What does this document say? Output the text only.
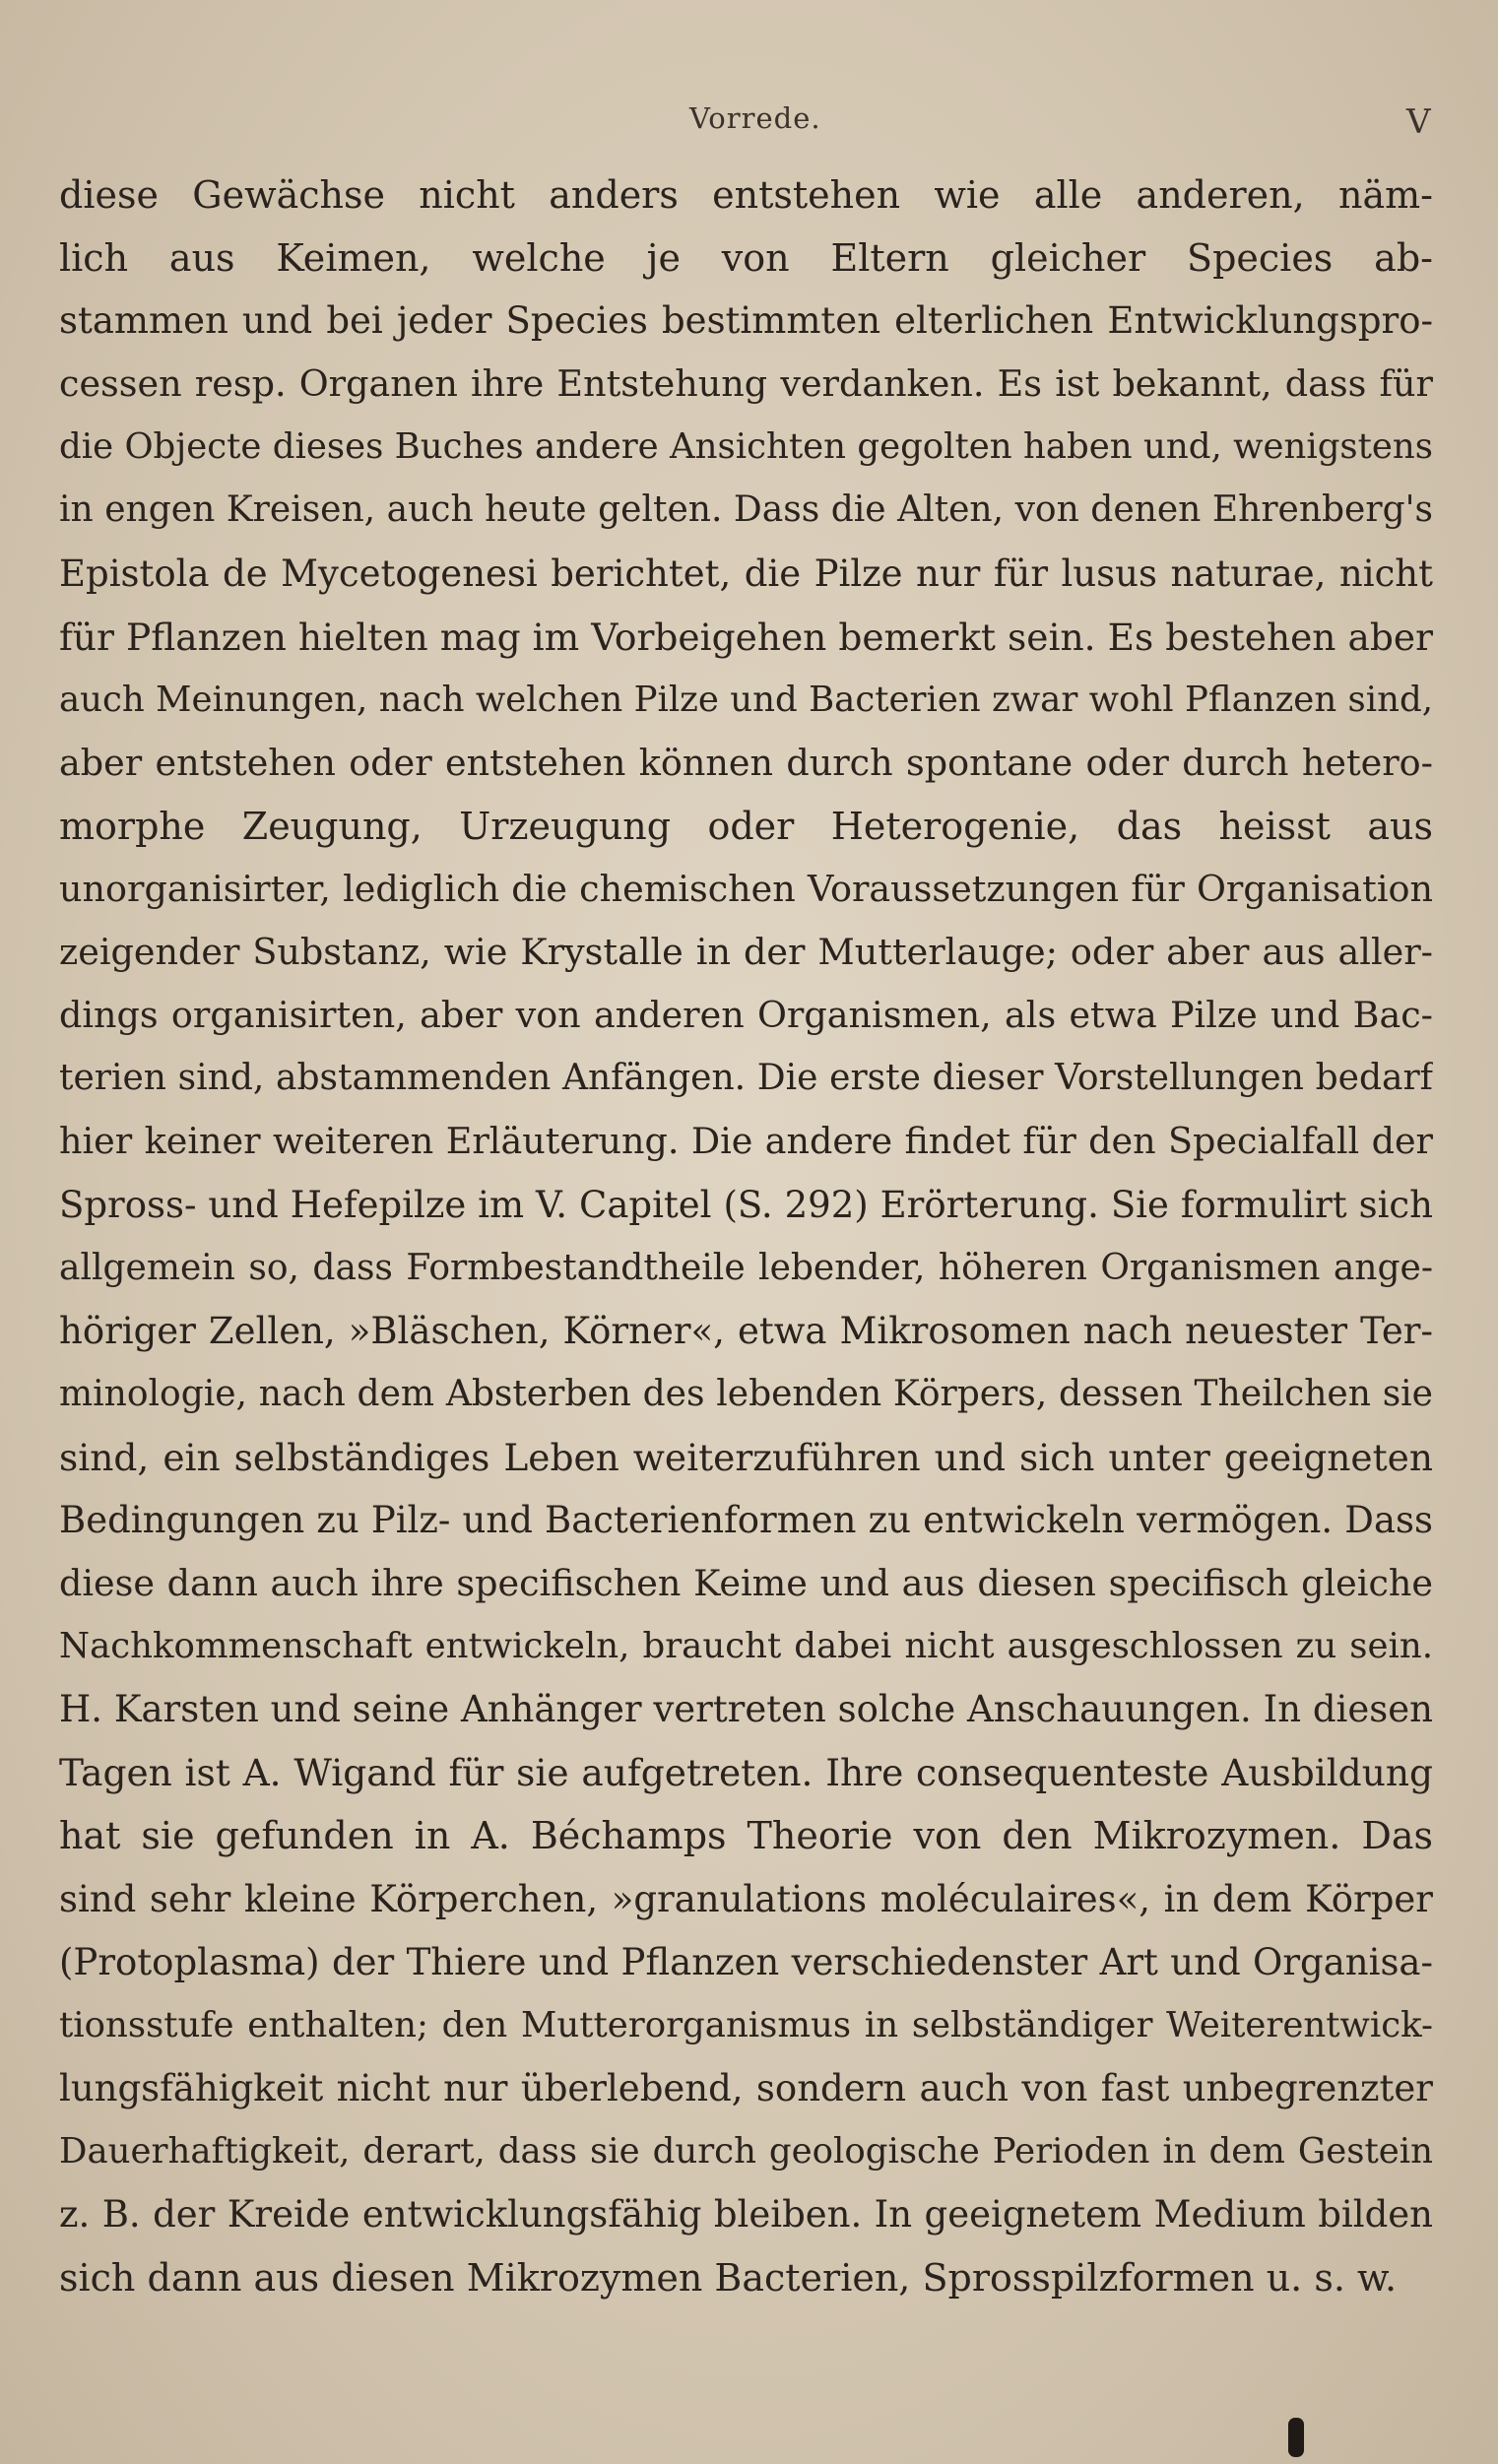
Vorrede.	V
diese Gewächse nicht anders entstehen wie alle anderen, näm-
lich aus Keimen, welche je von Eltern gleicher Species ab-
stammen und bei jeder Species bestimmten elterlichen Entwicklungspro-
cessen resp. Organen ihre Entstehung verdanken. Es ist bekannt, dass für
die Objecte dieses Buches andere Ansichten gegolten haben und, wenigstens
in engen Kreisen, auch heute gelten. Dass die Alten, von denen Ehrenberg's
Epistola de Mycetogenesi berichtet, die Pilze nur für lusus naturae, nicht
für Pflanzen hielten mag im Vorbeigehen bemerkt sein. Es bestehen aber
auch Meinungen, nach welchen Pilze und Bacterien zwar wohl Pflanzen sind,
aber entstehen oder entstehen können durch spontane oder durch hetero-
morphe Zeugung, Urzeugung oder Heterogenie, das heisst aus
unorganisirter, lediglich die chemischen Voraussetzungen für Organisation
zeigender Substanz, wie Krystalle in der Mutterlauge; oder aber aus aller-
dings organisirten, aber von anderen Organismen, als etwa Pilze und Bac-
terien sind, abstammenden Anfängen. Die erste dieser Vorstellungen bedarf
hier keiner weiteren Erläuterung. Die andere findet für den Specialfall der
Spross- und Hefepilze im V. Capitel (S. 292) Erörterung. Sie formulirt sich
allgemein so, dass Formbestandtheile lebender, höheren Organismen ange-
höriger Zellen, »Bläschen, Körner«, etwa Mikrosomen nach neuester Ter-
minologie, nach dem Absterben des lebenden Körpers, dessen Theilchen sie
sind, ein selbständiges Leben weiterzuführen und sich unter geeigneten
Bedingungen zu Pilz- und Bacterienformen zu entwickeln vermögen. Dass
diese dann auch ihre specifischen Keime und aus diesen specifisch gleiche
Nachkommenschaft entwickeln, braucht dabei nicht ausgeschlossen zu sein.
H. Karsten und seine Anhänger vertreten solche Anschauungen. In diesen
Tagen ist A. Wigand für sie aufgetreten. Ihre consequenteste Ausbildung
hat sie gefunden in A. Béchamps Theorie von den Mikrozymen. Das
sind sehr kleine Körperchen, »granulations moléculaires«, in dem Körper
(Protoplasma) der Thiere und Pflanzen verschiedenster Art und Organisa-
tionsstufe enthalten; den Mutterorganismus in selbständiger Weiterentwick-
lungsfähigkeit nicht nur überlebend, sondern auch von fast unbegrenzter
Dauerhaftigkeit, derart, dass sie durch geologische Perioden in dem Gestein
z. B. der Kreide entwicklungsfähig bleiben. In geeignetem Medium bilden
sich dann aus diesen Mikrozymen Bacterien, Sprosspilzformen u. s. w.
